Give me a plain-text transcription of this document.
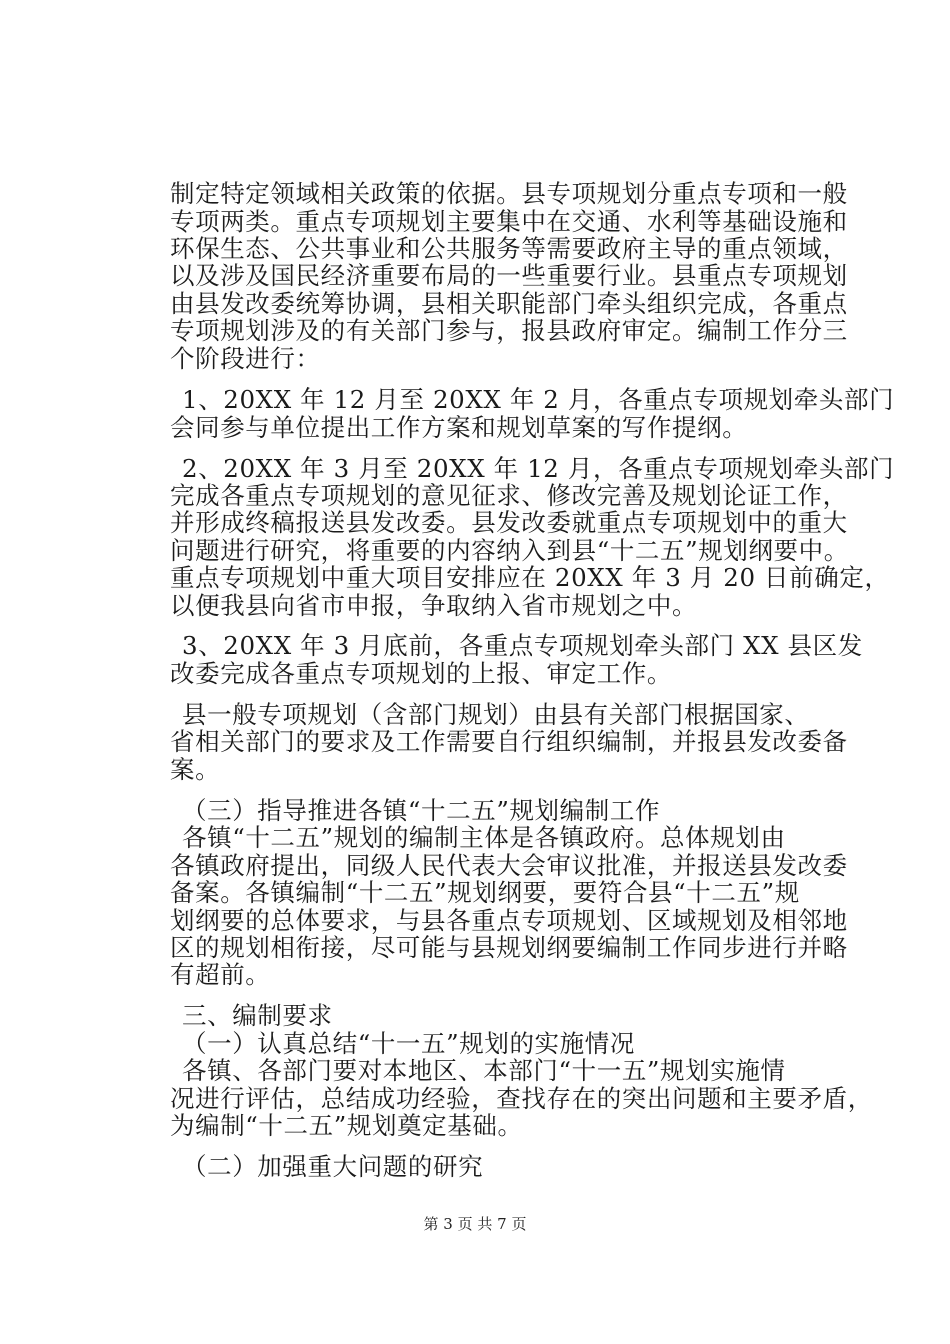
制定特定领域相关政策的依据。县专项规划分重点专项和一般
专项两类。重点专项规划主要集中在交通、水利等基础设施和
环保生态、公共事业和公共服务等需要政府主导的重点领域，
以及涉及国民经济重要布局的一些重要行业。县重点专项规划
由县发改委统筹协调，县相关职能部门牵头组织完成，各重点
专项规划涉及的有关部门参与，报县政府审定。编制工作分三
个阶段进行：
1、20XX 年 12 月至 20XX 年 2 月，各重点专项规划牵头部门
会同参与单位提出工作方案和规划草案的写作提纲。
2、20XX 年 3 月至 20XX 年 12 月，各重点专项规划牵头部门
完成各重点专项规划的意见征求、修改完善及规划论证工作，
并形成终稿报送县发改委。县发改委就重点专项规划中的重大
问题进行研究，将重要的内容纳入到县“十二五”规划纲要中。
重点专项规划中重大项目安排应在 20XX 年 3 月 20 日前确定，
以便我县向省市申报，争取纳入省市规划之中。
3、20XX 年 3 月底前，各重点专项规划牵头部门 XX 县区发
改委完成各重点专项规划的上报、审定工作。
县一般专项规划（含部门规划）由县有关部门根据国家、
省相关部门的要求及工作需要自行组织编制，并报县发改委备
案。
（三）指导推进各镇“十二五”规划编制工作
各镇“十二五”规划的编制主体是各镇政府。总体规划由
各镇政府提出，同级人民代表大会审议批准，并报送县发改委
备案。各镇编制“十二五”规划纲要，要符合县“十二五”规
划纲要的总体要求，与县各重点专项规划、区域规划及相邻地
区的规划相衔接，尽可能与县规划纲要编制工作同步进行并略
有超前。
三、编制要求
（一）认真总结“十一五”规划的实施情况
各镇、各部门要对本地区、本部门“十一五”规划实施情
况进行评估，总结成功经验，查找存在的突出问题和主要矛盾，
为编制“十二五”规划奠定基础。
（二）加强重大问题的研究
第 3 页 共 7 页
